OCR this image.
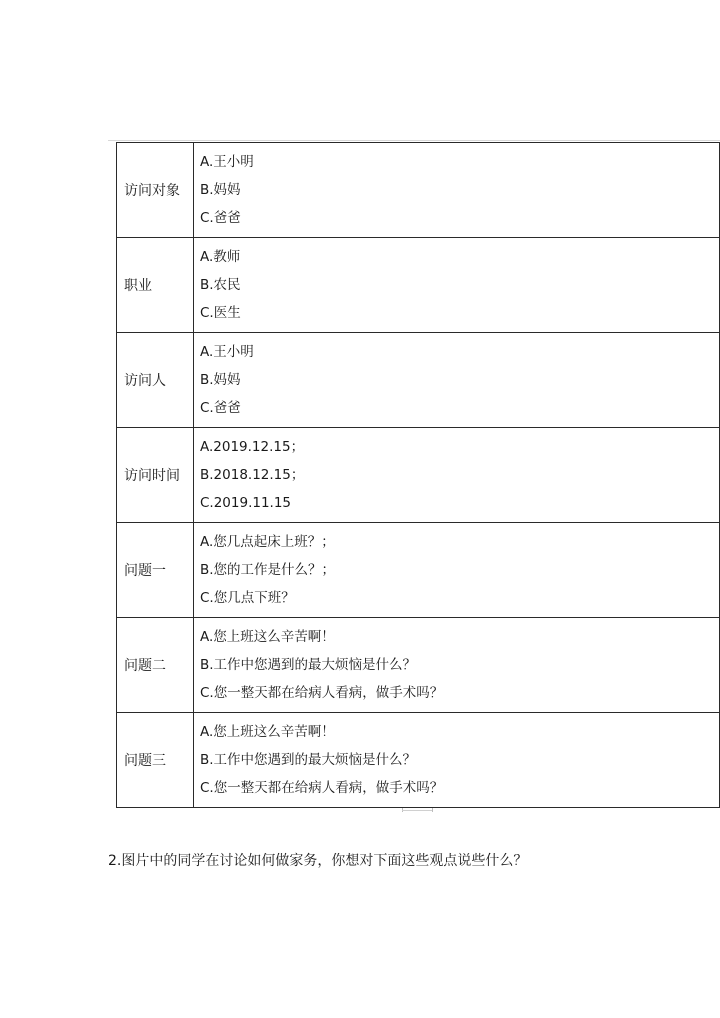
访问对象	A.王小明
B.妈妈
C.爸爸

职业	A.教师
B.农民
C.医生

访问人	A.王小明
B.妈妈
C.爸爸

访问时间	A.2019.12.15；
B.2018.12.15；
C.2019.11.15

问题一	A.您几点起床上班？；
B.您的工作是什么？；
C.您几点下班？

问题二	A.您上班这么辛苦啊！
B.工作中您遇到的最大烦恼是什么？
C.您一整天都在给病人看病，做手术吗？

问题三	A.您上班这么辛苦啊！
B.工作中您遇到的最大烦恼是什么？
C.您一整天都在给病人看病，做手术吗？
2.图片中的同学在讨论如何做家务，你想对下面这些观点说些什么？
